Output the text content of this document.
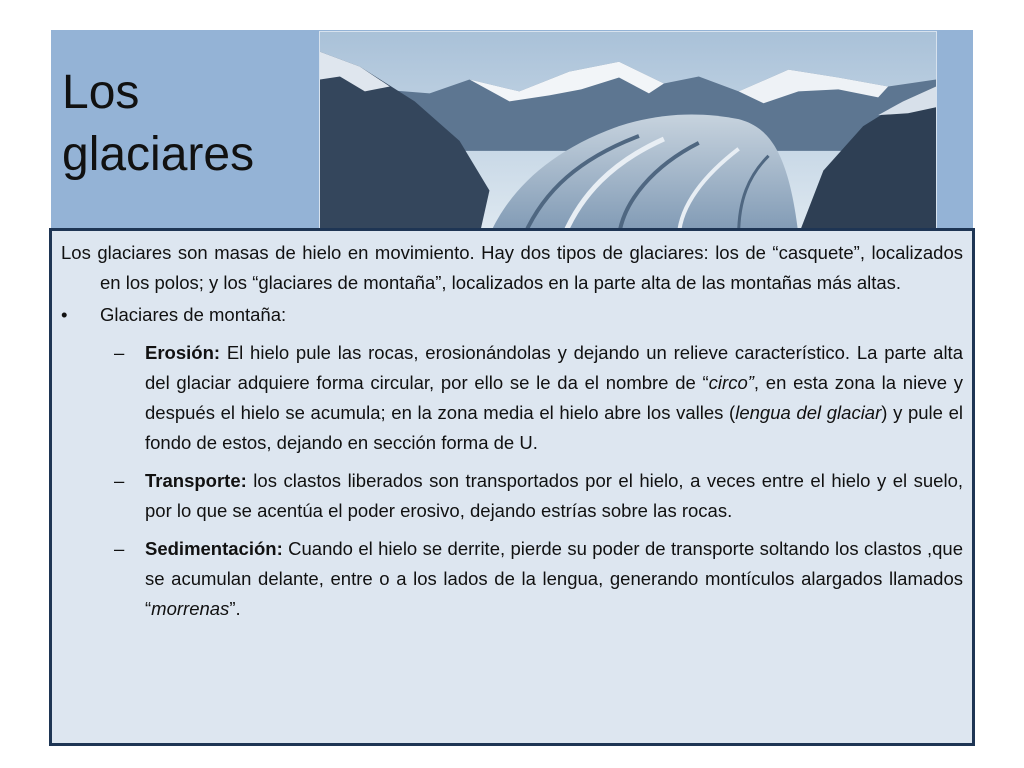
Los
glaciares

Los glaciares son masas de hielo en movimiento. Hay dos tipos de glaciares: los de “casquete”, localizados en los polos; y los “glaciares de montaña”, localizados en la parte alta de las montañas más altas.

• Glaciares de montaña:
– Erosión: El hielo pule las rocas, erosionándolas y dejando un relieve característico. La parte alta del glaciar adquiere forma circular, por ello se le da el nombre de “circo”, en esta zona la nieve y después el hielo se acumula; en la zona media el hielo abre los valles (lengua del glaciar) y pule el fondo de estos, dejando en sección forma de U.
– Transporte: los clastos liberados son transportados por el hielo, a veces entre el hielo y el suelo, por lo que se acentúa el poder erosivo, dejando estrías sobre las rocas.
– Sedimentación: Cuando el hielo se derrite, pierde su poder de transporte soltando los clastos ,que se acumulan delante, entre o a los lados de la lengua, generando montículos alargados llamados “morrenas”.
